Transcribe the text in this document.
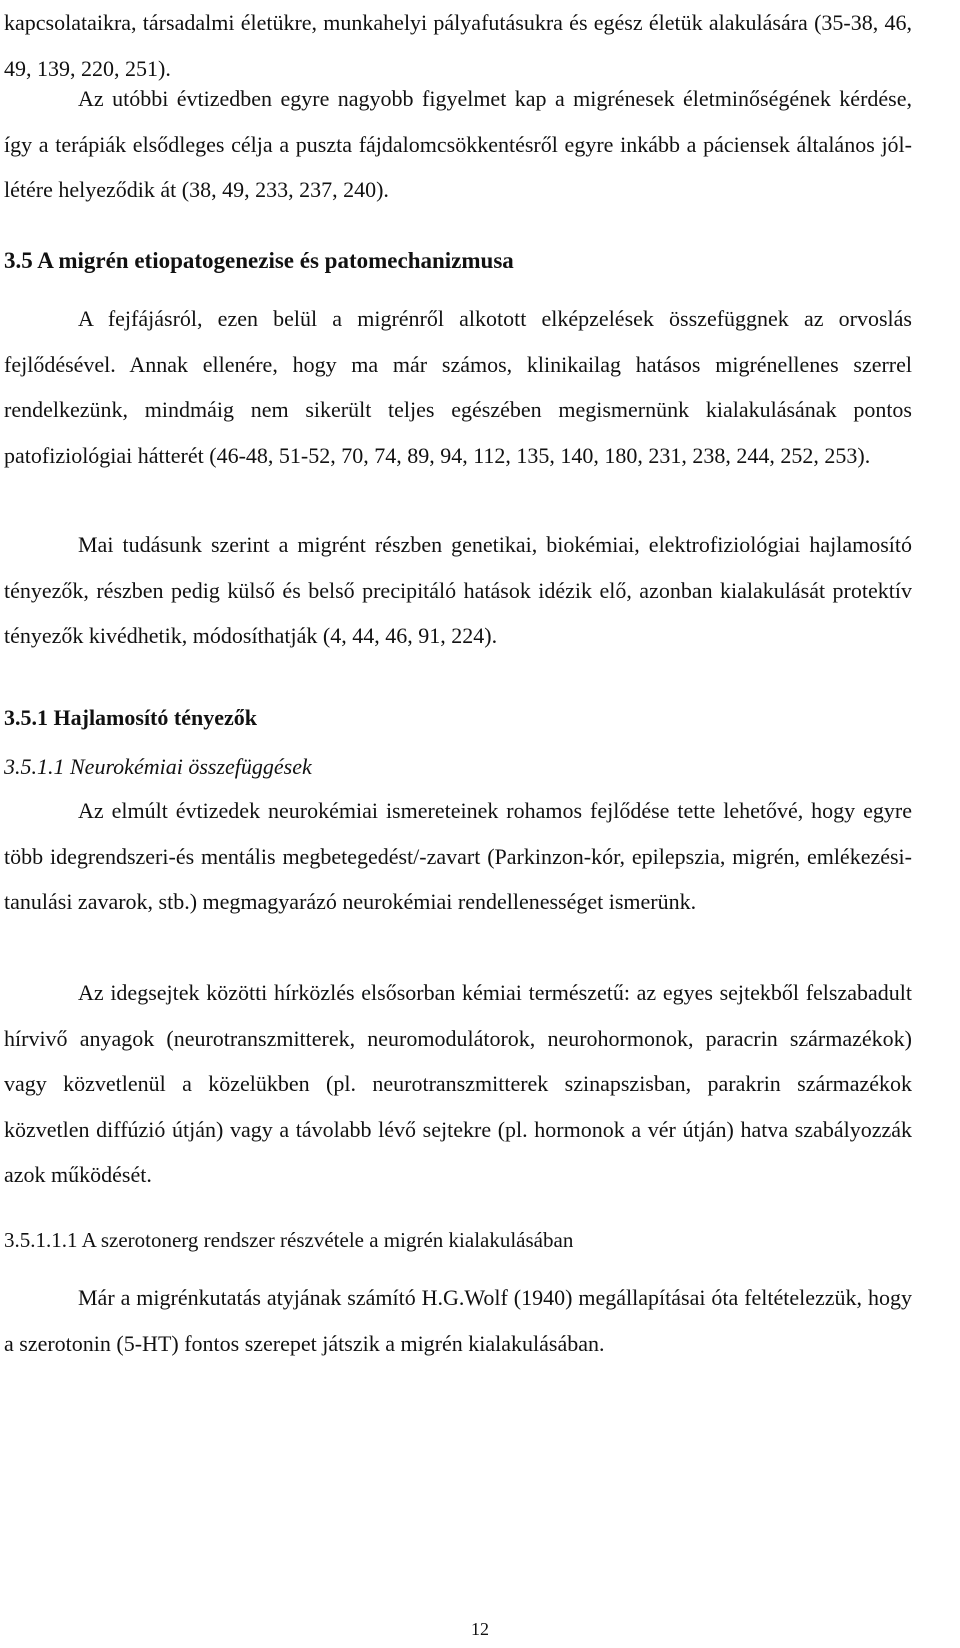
kapcsolataikra, társadalmi életükre, munkahelyi pályafutásukra és egész életük alakulására (35-38, 46, 49, 139, 220, 251).

Az utóbbi évtizedben egyre nagyobb figyelmet kap a migrénesek életminőségének kérdése, így a terápiák elsődleges célja a puszta fájdalomcsökkentésről egyre inkább a páciensek általános jól-létére helyeződik át (38, 49, 233, 237, 240).

3.5 A migrén etiopatogenezise és patomechanizmusa

A fejfájásról, ezen belül a migrénről alkotott elképzelések összefüggnek az orvoslás fejlődésével. Annak ellenére, hogy ma már számos, klinikailag hatásos migrénellenes szerrel rendelkezünk, mindmáig nem sikerült teljes egészében megismernünk kialakulásának pontos patofiziológiai hátterét (46-48, 51-52, 70, 74, 89, 94, 112, 135, 140, 180, 231, 238, 244, 252, 253).

Mai tudásunk szerint a migrént részben genetikai, biokémiai, elektrofiziológiai hajlamosító tényezők, részben pedig külső és belső precipitáló hatások idézik elő, azonban kialakulását protektív tényezők kivédhetik, módosíthatják (4, 44, 46, 91, 224).

3.5.1 Hajlamosító tényezők
3.5.1.1 Neurokémiai összefüggések

Az elmúlt évtizedek neurokémiai ismereteinek rohamos fejlődése tette lehetővé, hogy egyre több idegrendszeri-és mentális megbetegedést/-zavart (Parkinzon-kór, epilepszia, migrén, emlékezési-tanulási zavarok, stb.) megmagyarázó neurokémiai rendellenességet ismerünk.

Az idegsejtek közötti hírközlés elsősorban kémiai természetű: az egyes sejtekből felszabadult hírvivő anyagok (neurotranszmitterek, neuromodulátorok, neurohormonok, paracrin származékok) vagy közvetlenül a közelükben (pl. neurotranszmitterek szinapszisban, parakrin származékok közvetlen diffúzió útján) vagy a távolabb lévő sejtekre (pl. hormonok a vér útján) hatva szabályozzák azok működését.

3.5.1.1.1 A szerotonerg rendszer részvétele a migrén kialakulásában

Már a migrénkutatás atyjának számító H.G.Wolf (1940) megállapításai óta feltételezzük, hogy a szerotonin (5-HT) fontos szerepet játszik a migrén kialakulásában.

12
